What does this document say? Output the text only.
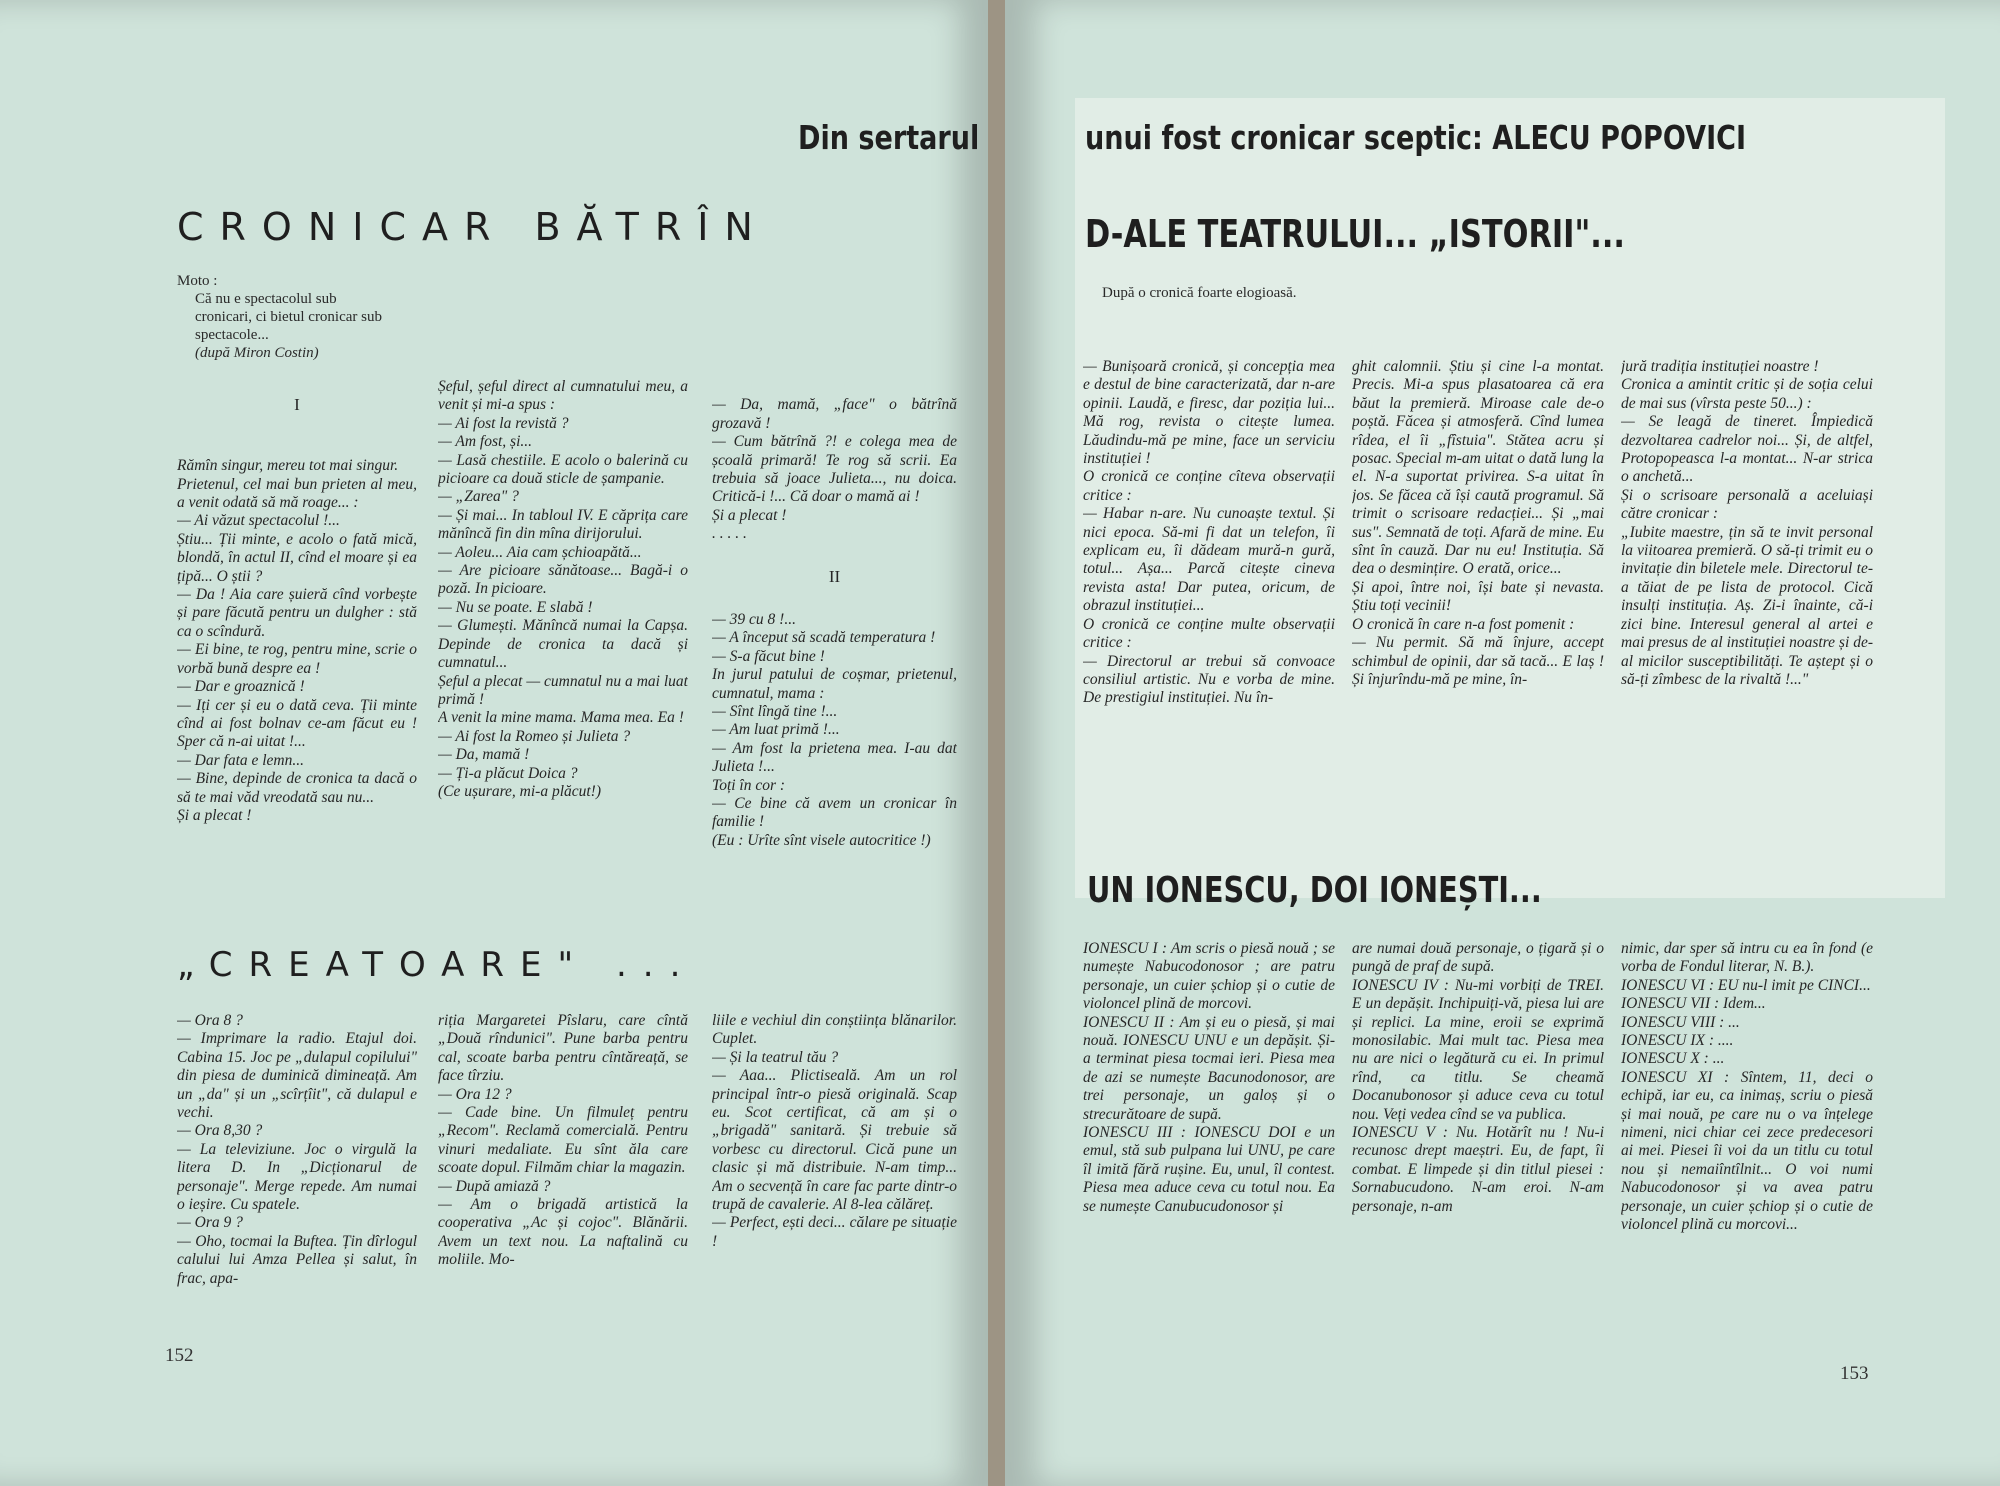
Din sertarul
CRONICAR BĂTRÎN
Moto :
Că nu e spectacolul sub cronicari, ci bietul cronicar sub spectacole...
(după Miron Costin)

I

Rămîn singur, mereu tot mai singur.
Prietenul, cel mai bun prieten al meu, a venit odată să mă roage... :
— Ai văzut spectacolul !...
Știu... Ții minte, e acolo o fată mică, blondă, în actul II, cînd el moare și ea țipă... O știi ?
— Da ! Aia care șuieră cînd vorbește și pare făcută pentru un dulgher : stă ca o scîndură.
— Ei bine, te rog, pentru mine, scrie o vorbă bună despre ea !
— Dar e groaznică !
— Iți cer și eu o dată ceva. Ții minte cînd ai fost bolnav ce-am făcut eu ! Sper că n-ai uitat !...
— Dar fata e lemn...
— Bine, depinde de cronica ta dacă o să te mai văd vreodată sau nu...
Și a plecat !

Șeful, șeful direct al cumnatului meu, a venit și mi-a spus :
— Ai fost la revistă ?
— Am fost, și...
— Lasă chestiile. E acolo o balerină cu picioare ca două sticle de șampanie.
— „Zarea" ?
— Și mai... In tabloul IV. E căprița care mănîncă fin din mîna dirijorului.
— Aoleu... Aia cam șchioapătă...
— Are picioare sănătoase... Bagă-i o poză. In picioare.
— Nu se poate. E slabă !
— Glumești. Mănîncă numai la Capșa. Depinde de cronica ta dacă și cumnatul...
Șeful a plecat — cumnatul nu a mai luat primă !
A venit la mine mama. Mama mea. Ea !
— Ai fost la Romeo și Julieta ?
— Da, mamă !
— Ți-a plăcut Doica ?
(Ce ușurare, mi-a plăcut!)

— Da, mamă, „face" o bătrînă grozavă !
— Cum bătrînă ?! e colega mea de școală primară! Te rog să scrii. Ea trebuia să joace Julieta..., nu doica. Critică-i !... Că doar o mamă ai !
Și a plecat !
. . . . .

II

— 39 cu 8 !...
— A început să scadă temperatura !
— S-a făcut bine !
In jurul patului de coșmar, prietenul, cumnatul, mama :
— Sînt lîngă tine !...
— Am luat primă !...
— Am fost la prietena mea. I-au dat Julieta !...
Toți în cor :
— Ce bine că avem un cronicar în familie !
(Eu : Urîte sînt visele autocritice !)

„CREATOARE" ...
— Ora 8 ?
— Imprimare la radio. Etajul doi. Cabina 15. Joc pe „dulapul copilului" din piesa de duminică dimineață. Am un „da" și un „scîrțîit", că dulapul e vechi.
— Ora 8,30 ?
— La televiziune. Joc o virgulă la litera D. In „Dicționarul de personaje". Merge repede. Am numai o ieșire. Cu spatele.
— Ora 9 ?
— Oho, tocmai la Buftea. Țin dîrlogul calului lui Amza Pellea și salut, în frac, apa-
riția Margaretei Pîslaru, care cîntă „Două rîndunici". Pune barba pentru cal, scoate barba pentru cîntăreață, se face tîrziu.
— Ora 12 ?
— Cade bine. Un filmuleț pentru „Recom". Reclamă comercială. Pentru vinuri medaliate. Eu sînt ăla care scoate dopul. Filmăm chiar la magazin.
— După amiază ?
— Am o brigadă artistică la cooperativa „Ac și cojoc". Blănării. Avem un text nou. La naftalină cu moliile. Mo-
liile e vechiul din conștiința blănarilor. Cuplet.
— Și la teatrul tău ?
— Aaa... Plictiseală. Am un rol principal într-o piesă originală. Scap eu. Scot certificat, că am și o „brigadă" sanitară. Și trebuie să vorbesc cu directorul. Cică pune un clasic și mă distribuie. N-am timp... Am o secvență în care fac parte dintr-o trupă de cavalerie. Al 8-lea călăreț.
— Perfect, ești deci... călare pe situație !
152
unui fost cronicar sceptic: ALECU POPOVICI
D-ALE TEATRULUI... „ISTORII"...
După o cronică foarte elogioasă.
— Bunișoară cronică, și concepția mea e destul de bine caracterizată, dar n-are opinii. Laudă, e firesc, dar poziția lui... Mă rog, revista o citește lumea. Lăudindu-mă pe mine, face un serviciu instituției !
O cronică ce conține cîteva observații critice :
— Habar n-are. Nu cunoaște textul. Și nici epoca. Să-mi fi dat un telefon, îi explicam eu, îi dădeam mură-n gură, totul... Așa... Parcă citește cineva revista asta! Dar putea, oricum, de obrazul instituției...
O cronică ce conține multe observații critice :
— Directorul ar trebui să convoace consiliul artistic. Nu e vorba de mine. De prestigiul instituției. Nu în-
ghit calomnii. Știu și cine l-a montat. Precis. Mi-a spus plasatoarea că era băut la premieră. Miroase cale de-o poștă. Făcea și atmosferă. Cînd lumea rîdea, el îi „fîstuia". Stătea acru și posac. Special m-am uitat o dată lung la el. N-a suportat privirea. S-a uitat în jos. Se făcea că își caută programul. Să trimit o scrisoare redacției... Și „mai sus". Semnată de toți. Afară de mine. Eu sînt în cauză. Dar nu eu! Instituția. Să dea o desmințire. O erată, orice...
Și apoi, între noi, își bate și nevasta. Știu toți vecinii!
O cronică în care n-a fost pomenit :
— Nu permit. Să mă înjure, accept schimbul de opinii, dar să tacă... E laș ! Și înjurîndu-mă pe mine, în-
jură tradiția instituției noastre !
Cronica a amintit critic și de soția celui de mai sus (vîrsta peste 50...) :
— Se leagă de tineret. Împiedică dezvoltarea cadrelor noi... Și, de altfel, Protopopeasca l-a montat... N-ar strica o anchetă...
Și o scrisoare personală a aceluiași către cronicar :
„Iubite maestre, țin să te invit personal la viitoarea premieră. O să-ți trimit eu o invitație din biletele mele. Directorul te-a tăiat de pe lista de protocol. Cică insulți instituția. Aș. Zi-i înainte, că-i zici bine. Interesul general al artei e mai presus de al instituției noastre și de-al micilor susceptibilități. Te aștept și o să-ți zîmbesc de la rivaltă !..."
UN IONESCU, DOI IONEȘTI...
IONESCU I : Am scris o piesă nouă ; se numește Nabucodonosor ; are patru personaje, un cuier șchiop și o cutie de violoncel plină de morcovi.
IONESCU II : Am și eu o piesă, și mai nouă. IONESCU UNU e un depășit. Și-a terminat piesa tocmai ieri. Piesa mea de azi se numește Bacunodonosor, are trei personaje, un galoș și o strecurătoare de supă.
IONESCU III : IONESCU DOI e un emul, stă sub pulpana lui UNU, pe care îl imită fără rușine. Eu, unul, îl contest. Piesa mea aduce ceva cu totul nou. Ea se numește Canubucudonosor și
are numai două personaje, o țigară și o pungă de praf de supă.
IONESCU IV : Nu-mi vorbiți de TREI. E un depășit. Inchipuiți-vă, piesa lui are și replici. La mine, eroii se exprimă monosilabic. Mai mult tac. Piesa mea nu are nici o legătură cu ei. In primul rînd, ca titlu. Se cheamă Docanubonosor și aduce ceva cu totul nou. Veți vedea cînd se va publica.
IONESCU V : Nu. Hotărît nu ! Nu-i recunosc drept maeștri. Eu, de fapt, îi combat. E limpede și din titlul piesei : Sornabucudono. N-am eroi. N-am personaje, n-am
nimic, dar sper să intru cu ea în fond (e vorba de Fondul literar, N. B.).
IONESCU VI : EU nu-l imit pe CINCI...
IONESCU VII : Idem...
IONESCU VIII : ...
IONESCU IX : ....
IONESCU X : ...
IONESCU XI : Sîntem, 11, deci o echipă, iar eu, ca inimaș, scriu o piesă și mai nouă, pe care nu o va înțelege nimeni, nici chiar cei zece predecesori ai mei. Piesei îi voi da un titlu cu totul nou și nemaiîntîlnit... O voi numi Nabucodonosor și va avea patru personaje, un cuier șchiop și o cutie de violoncel plină cu morcovi...
153
